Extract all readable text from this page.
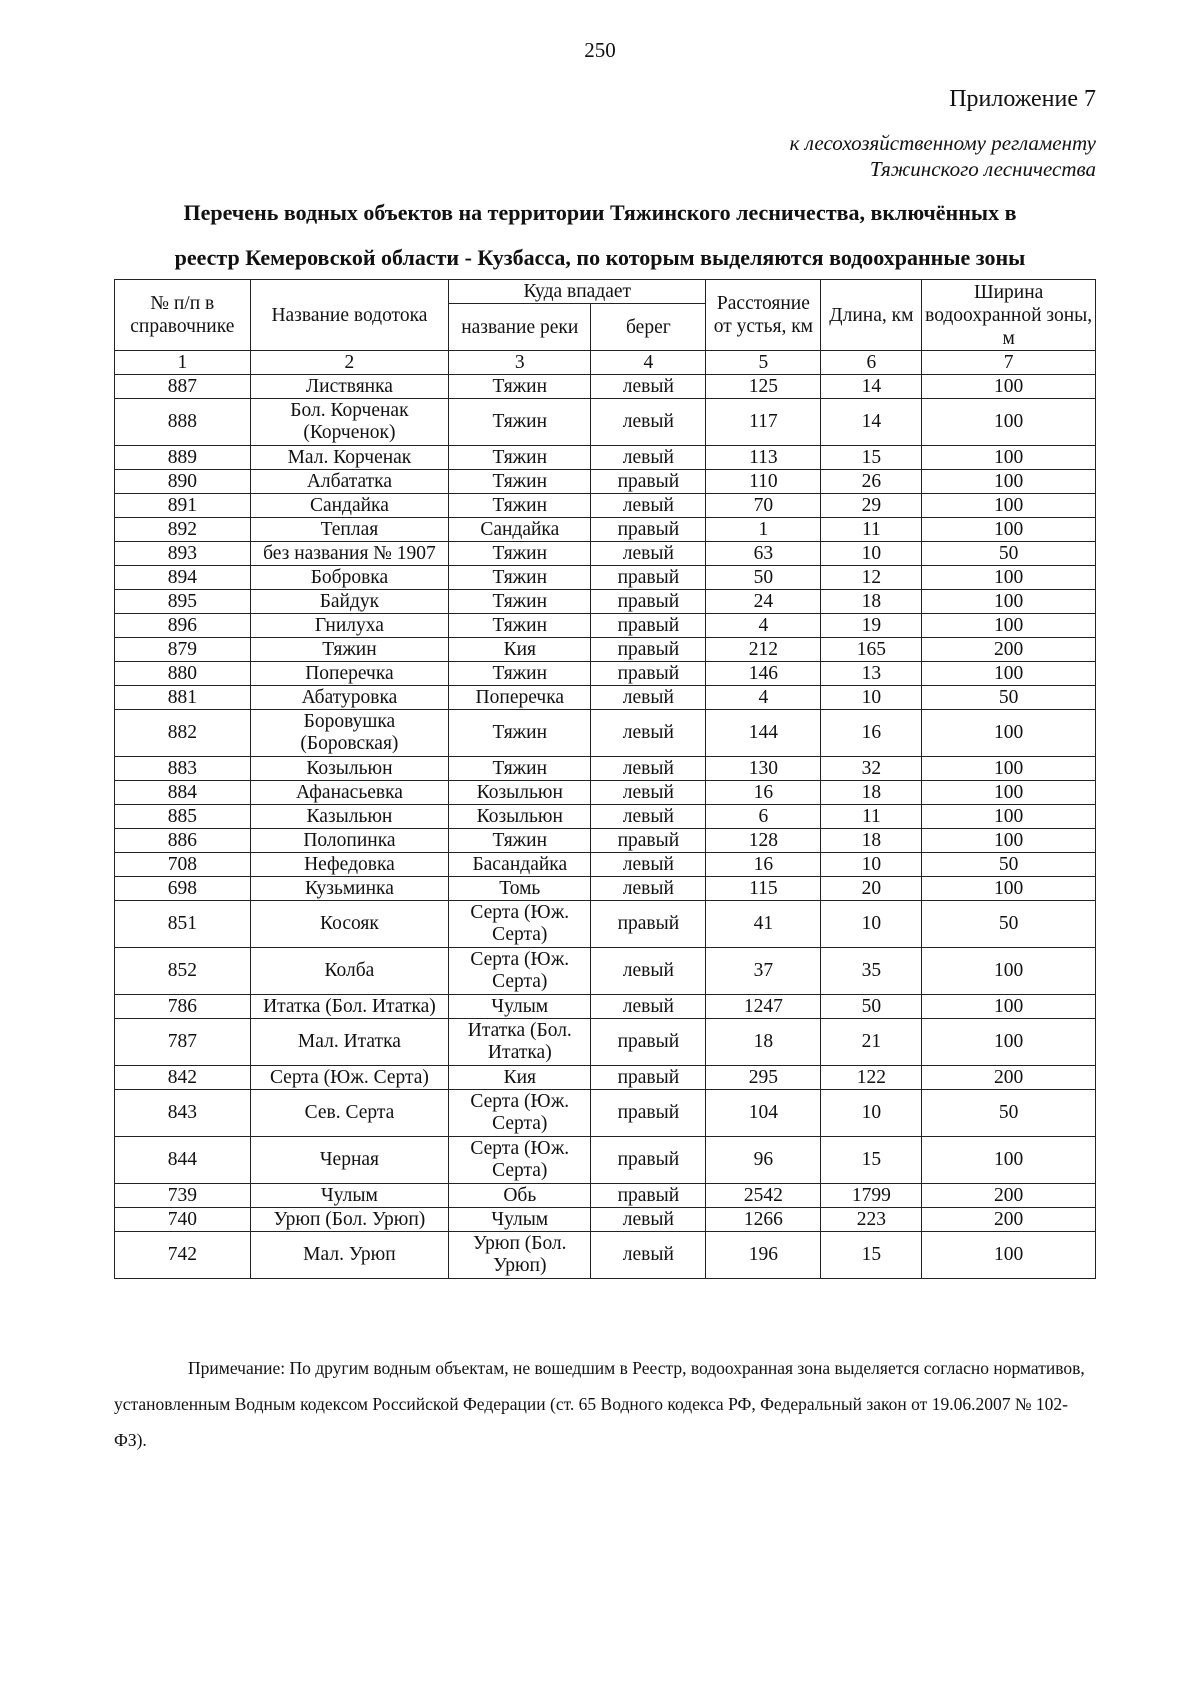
250
Приложение 7
к лесохозяйственному регламенту
Тяжинского лесничества
Перечень водных объектов на территории Тяжинского лесничества, включённых в
реестр Кемеровской области - Кузбасса, по которым выделяются водоохранные зоны
№ п/п в справочнике	Название водотока	Куда впадает		Расстояние от устья, км	Длина, км	Ширина водоохранной зоны, м
		название реки	берег			
1	2	3	4	5	6	7
887	Листвянка	Тяжин	левый	125	14	100
888	Бол. Корченак (Корченок)	Тяжин	левый	117	14	100
889	Мал. Корченак	Тяжин	левый	113	15	100
890	Албататка	Тяжин	правый	110	26	100
891	Сандайка	Тяжин	левый	70	29	100
892	Теплая	Сандайка	правый	1	11	100
893	без названия № 1907	Тяжин	левый	63	10	50
894	Бобровка	Тяжин	правый	50	12	100
895	Байдук	Тяжин	правый	24	18	100
896	Гнилуха	Тяжин	правый	4	19	100
879	Тяжин	Кия	правый	212	165	200
880	Поперечка	Тяжин	правый	146	13	100
881	Абатуровка	Поперечка	левый	4	10	50
882	Боровушка (Боровская)	Тяжин	левый	144	16	100
883	Козыльюн	Тяжин	левый	130	32	100
884	Афанасьевка	Козыльюн	левый	16	18	100
885	Казыльюн	Козыльюн	левый	6	11	100
886	Полопинка	Тяжин	правый	128	18	100
708	Нефедовка	Басандайка	левый	16	10	50
698	Кузьминка	Томь	левый	115	20	100
851	Косояк	Серта (Юж. Серта)	правый	41	10	50
852	Колба	Серта (Юж. Серта)	левый	37	35	100
786	Итатка (Бол. Итатка)	Чулым	левый	1247	50	100
787	Мал. Итатка	Итатка (Бол. Итатка)	правый	18	21	100
842	Серта (Юж. Серта)	Кия	правый	295	122	200
843	Сев. Серта	Серта (Юж. Серта)	правый	104	10	50
844	Черная	Серта (Юж. Серта)	правый	96	15	100
739	Чулым	Обь	правый	2542	1799	200
740	Урюп (Бол. Урюп)	Чулым	левый	1266	223	200
742	Мал. Урюп	Урюп (Бол. Урюп)	левый	196	15	100
Примечание: По другим водным объектам, не вошедшим в Реестр, водоохранная зона выделяется согласно нормативов, установленным Водным кодексом Российской Федерации (ст. 65 Водного кодекса РФ, Федеральный закон от 19.06.2007 № 102-ФЗ).
